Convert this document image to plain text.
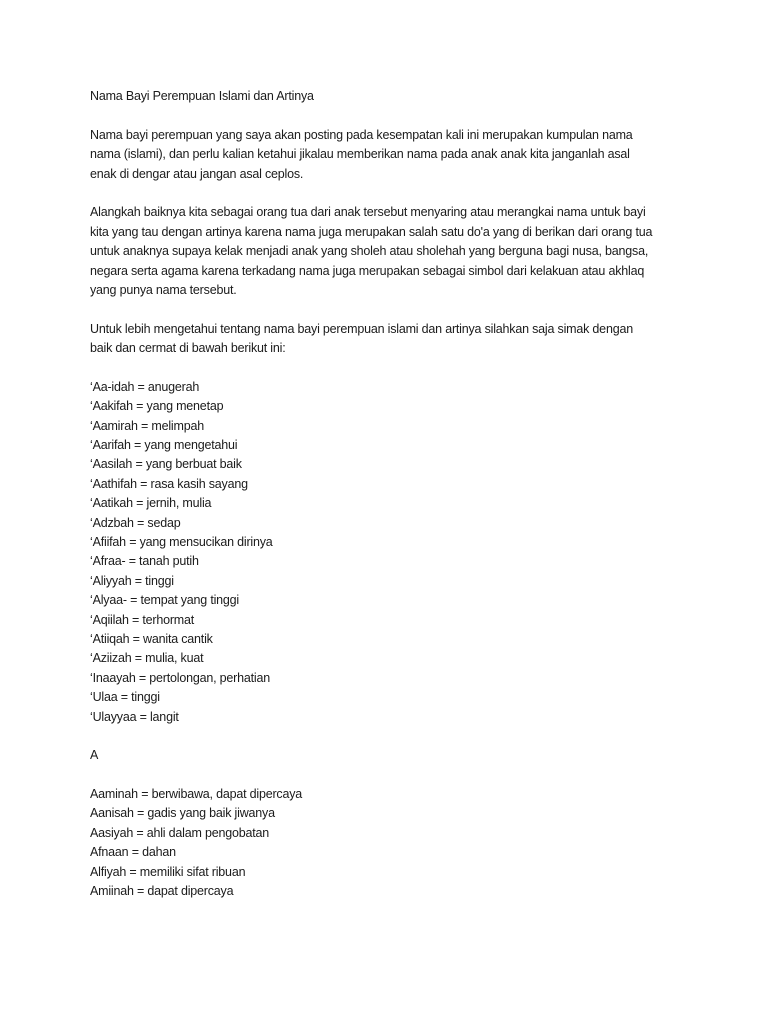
Nama Bayi Perempuan Islami dan Artinya
Nama bayi perempuan yang saya akan posting pada kesempatan kali ini merupakan kumpulan nama
nama (islami), dan perlu kalian ketahui jikalau memberikan nama pada anak anak kita janganlah asal
enak di dengar atau jangan asal ceplos.
Alangkah baiknya kita sebagai orang tua dari anak tersebut menyaring atau merangkai nama untuk bayi
kita yang tau dengan artinya karena nama juga merupakan salah satu do'a yang di berikan dari orang tua
untuk anaknya supaya kelak menjadi anak yang sholeh atau sholehah yang berguna bagi nusa, bangsa,
negara serta agama karena terkadang nama juga merupakan sebagai simbol dari kelakuan atau akhlaq
yang punya nama tersebut.
Untuk lebih mengetahui tentang nama bayi perempuan islami dan artinya silahkan saja simak dengan
baik dan cermat di bawah berikut ini:
‘Aa-idah = anugerah
‘Aakifah = yang menetap
‘Aamirah = melimpah
‘Aarifah = yang mengetahui
‘Aasilah = yang berbuat baik
‘Aathifah = rasa kasih sayang
‘Aatikah = jernih, mulia
‘Adzbah = sedap
‘Afiifah = yang mensucikan dirinya
‘Afraa- = tanah putih
‘Aliyyah = tinggi
‘Alyaa- = tempat yang tinggi
‘Aqiilah = terhormat
‘Atiiqah = wanita cantik
‘Aziizah = mulia, kuat
‘Inaayah = pertolongan, perhatian
‘Ulaa = tinggi
‘Ulayyaa = langit
A
Aaminah = berwibawa, dapat dipercaya
Aanisah = gadis yang baik jiwanya
Aasiyah = ahli dalam pengobatan
Afnaan = dahan
Alfiyah = memiliki sifat ribuan
Amiinah = dapat dipercaya
